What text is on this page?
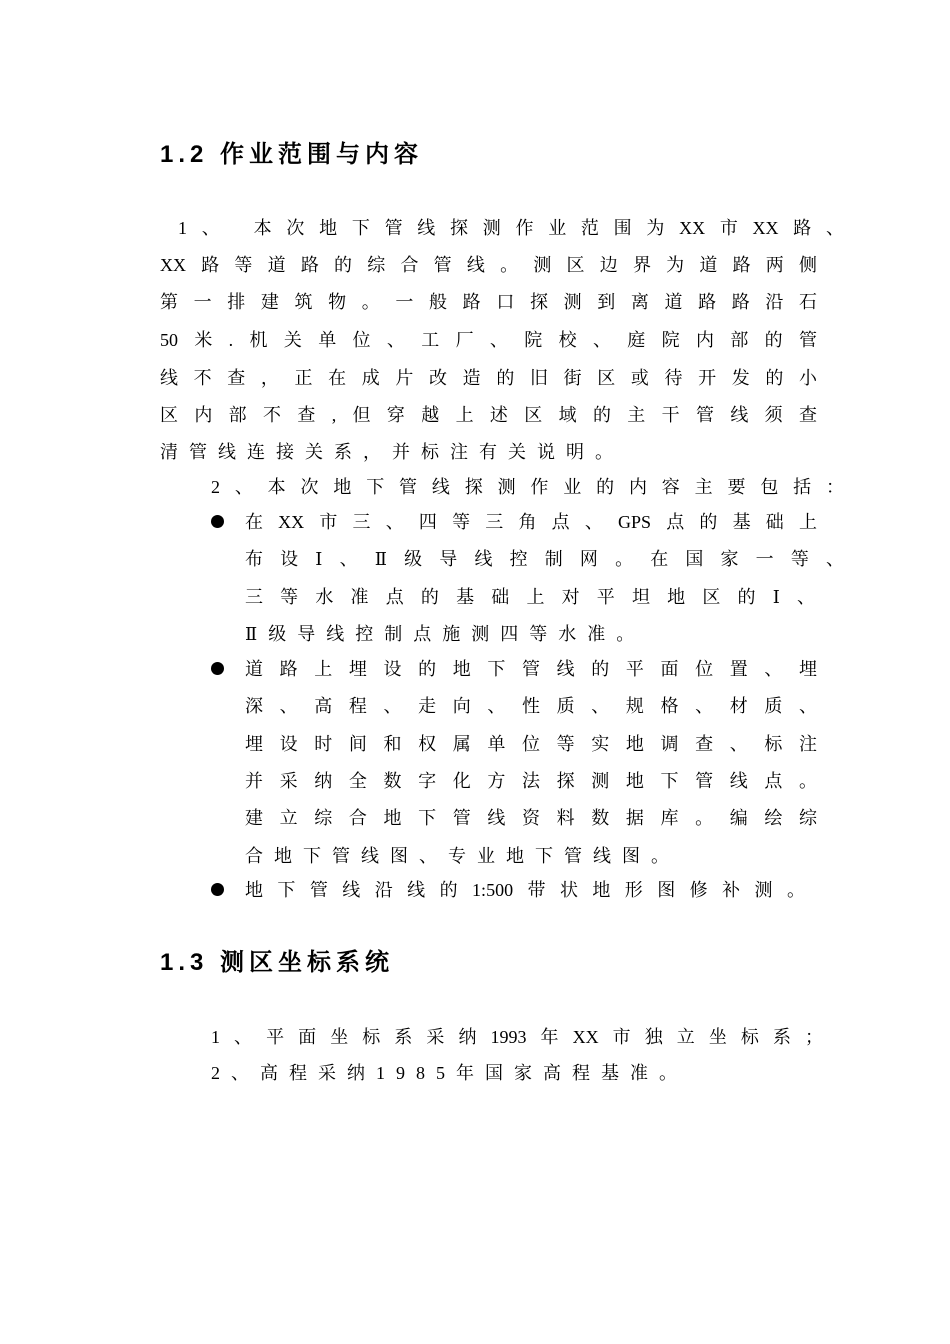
1.2 作业范围与内容
1、 本次地下管线探测作业范围为XX市XX路、
XX路等道路的综合管线。测区边界为道路两侧
第一排建筑物。一般路口探测到离道路路沿石
50米.机关单位、工厂、院校、庭院内部的管
线不查，正在成片改造的旧街区或待开发的小
区内部不查,但穿越上述区域的主干管线须查
清管线连接关系，并标注有关说明。
2、本次地下管线探测作业的内容主要包括：
在XX市三、四等三角点、GPS点的基础上
布设Ⅰ、Ⅱ级导线控制网。在国家一等、
三等水准点的基础上对平坦地区的Ⅰ、
Ⅱ级导线控制点施测四等水准。
道路上埋设的地下管线的平面位置、埋
深、高程、走向、性质、规格、材质、
埋设时间和权属单位等实地调查、标注
并采纳全数字化方法探测地下管线点。
建立综合地下管线资料数据库。编绘综
合地下管线图、专业地下管线图。
地下管线沿线的1:500带状地形图修补测。
1.3 测区坐标系统
1、平面坐标系采纳1993年XX市独立坐标系；
2、高程采纳1985年国家高程基准。
